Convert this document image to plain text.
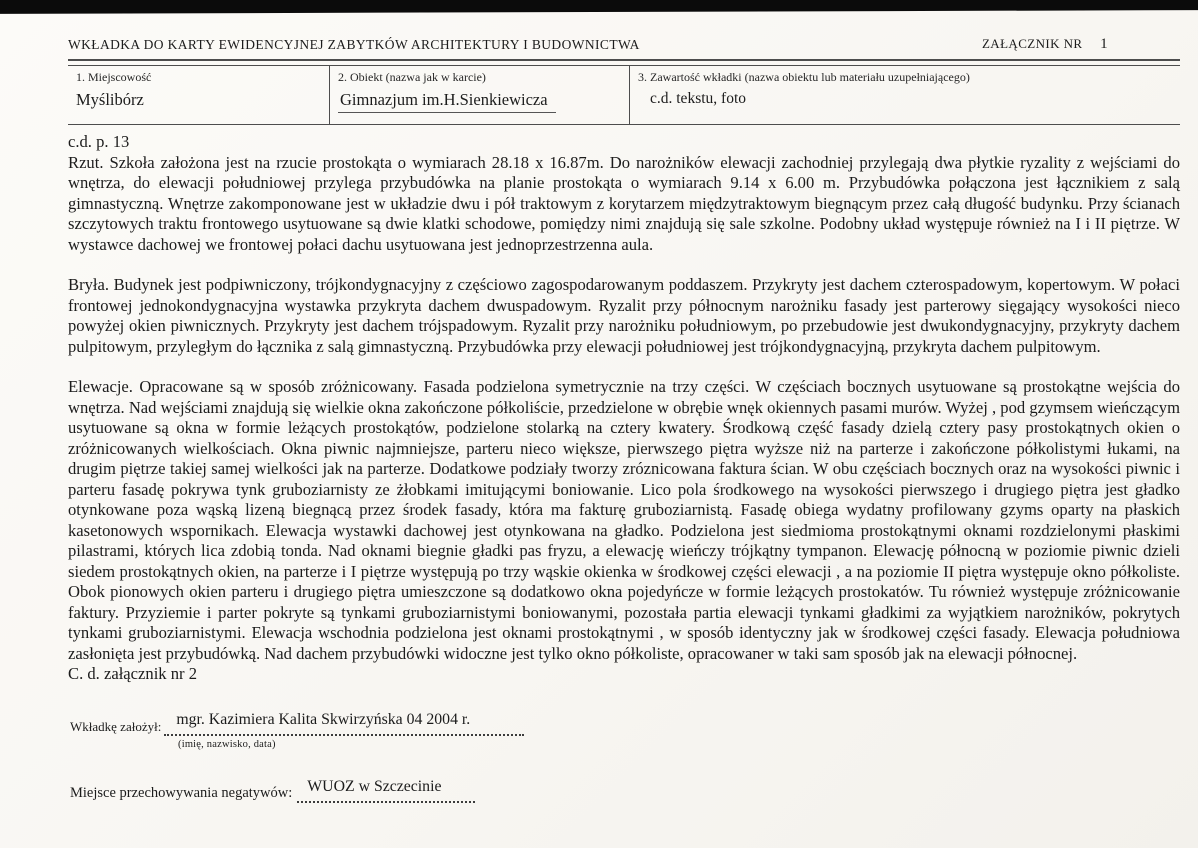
WKŁADKA DO KARTY EWIDENCYJNEJ ZABYTKÓW ARCHITEKTURY I BUDOWNICTWA	ZAŁĄCZNIK NR 1
1. Miejscowość
Myślibórz
2. Obiekt (nazwa jak w karcie)
Gimnazjum im.H.Sienkiewicza
3. Zawartość wkładki (nazwa obiektu lub materiału uzupełniającego)
c.d. tekstu, foto
c.d. p. 13

Rzut. Szkoła założona jest na rzucie prostokąta o wymiarach 28.18 x 16.87m. Do narożników elewacji zachodniej przylegają dwa płytkie ryzality z wejściami do wnętrza, do elewacji południowej przylega przybudówka na planie prostokąta o wymiarach 9.14 x 6.00 m. Przybudówka połączona jest łącznikiem z salą gimnastyczną. Wnętrze zakomponowane jest w układzie dwu i pół traktowym z korytarzem międzytraktowym biegnącym przez całą długość budynku. Przy ścianach szczytowych traktu frontowego usytuowane są dwie klatki schodowe, pomiędzy nimi znajdują się sale szkolne. Podobny układ występuje również na I i II piętrze. W wystawce dachowej we frontowej połaci dachu usytuowana jest jednoprzestrzenna aula.

Bryła. Budynek jest podpiwniczony, trójkondygnacyjny z częściowo zagospodarowanym poddaszem. Przykryty jest dachem czterospadowym, kopertowym. W połaci frontowej jednokondygnacyjna wystawka przykryta dachem dwuspadowym. Ryzalit przy północnym narożniku fasady jest parterowy sięgający wysokości nieco powyżej okien piwnicznych. Przykryty jest dachem trójspadowym. Ryzalit przy narożniku południowym, po przebudowie jest dwukondygnacyjny, przykryty dachem pulpitowym, przyległym do łącznika z salą gimnastyczną. Przybudówka przy elewacji południowej jest trójkondygnacyjną, przykryta dachem pulpitowym.

Elewacje. Opracowane są w sposób zróżnicowany. Fasada podzielona symetrycznie na trzy części. W częściach bocznych usytuowane są prostokątne wejścia do wnętrza. Nad wejściami znajdują się wielkie okna zakończone półkoliście, przedzielone w obrębie wnęk okiennych pasami murów. Wyżej , pod gzymsem wieńczącym usytuowane są okna w formie leżących prostokątów, podzielone stolarką na cztery kwatery. Środkową część fasady dzielą cztery pasy prostokątnych okien o zróżnicowanych wielkościach. Okna piwnic najmniejsze, parteru nieco większe, pierwszego piętra wyższe niż na parterze i zakończone półkolistymi łukami, na drugim piętrze takiej samej wielkości jak na parterze. Dodatkowe podziały tworzy zróznicowana faktura ścian. W obu częściach bocznych oraz na wysokości piwnic i parteru fasadę pokrywa tynk gruboziarnisty ze żłobkami imitującymi boniowanie. Lico pola środkowego na wysokości pierwszego i drugiego piętra jest gładko otynkowane poza wąską lizeną biegnącą przez środek fasady, która ma fakturę gruboziarnistą. Fasadę obiega wydatny profilowany gzyms oparty na płaskich kasetonowych wspornikach. Elewacja wystawki dachowej jest otynkowana na gładko. Podzielona jest siedmioma prostokątnymi oknami rozdzielonymi płaskimi pilastrami, których lica zdobią tonda. Nad oknami biegnie gładki pas fryzu, a elewację wieńczy trójkątny tympanon. Elewację północną w poziomie piwnic dzieli siedem prostokątnych okien, na parterze i I piętrze występują po trzy wąskie okienka w środkowej części elewacji , a na poziomie II piętra występuje okno półkoliste. Obok pionowych okien parteru i drugiego piętra umieszczone są dodatkowo okna pojedyńcze w formie leżących prostokatów. Tu również występuje zróżnicowanie faktury. Przyziemie i parter pokryte są tynkami gruboziarnistymi boniowanymi, pozostała partia elewacji tynkami gładkimi za wyjątkiem narożników, pokrytych tynkami gruboziarnistymi. Elewacja wschodnia podzielona jest oknami prostokątnymi , w sposób identyczny jak w środkowej części fasady. Elewacja południowa zasłonięta jest przybudówką. Nad dachem przybudówki widoczne jest tylko okno półkoliste, opracowaner w taki sam sposób jak na elewacji północnej.

C. d. załącznik nr 2
Wkładkę założył: mgr. Kazimiera Kalita Skwirzyńska 04 2004 r.
(imię, nazwisko, data)
Miejsce przechowywania negatywów: WUOZ w Szczecinie
